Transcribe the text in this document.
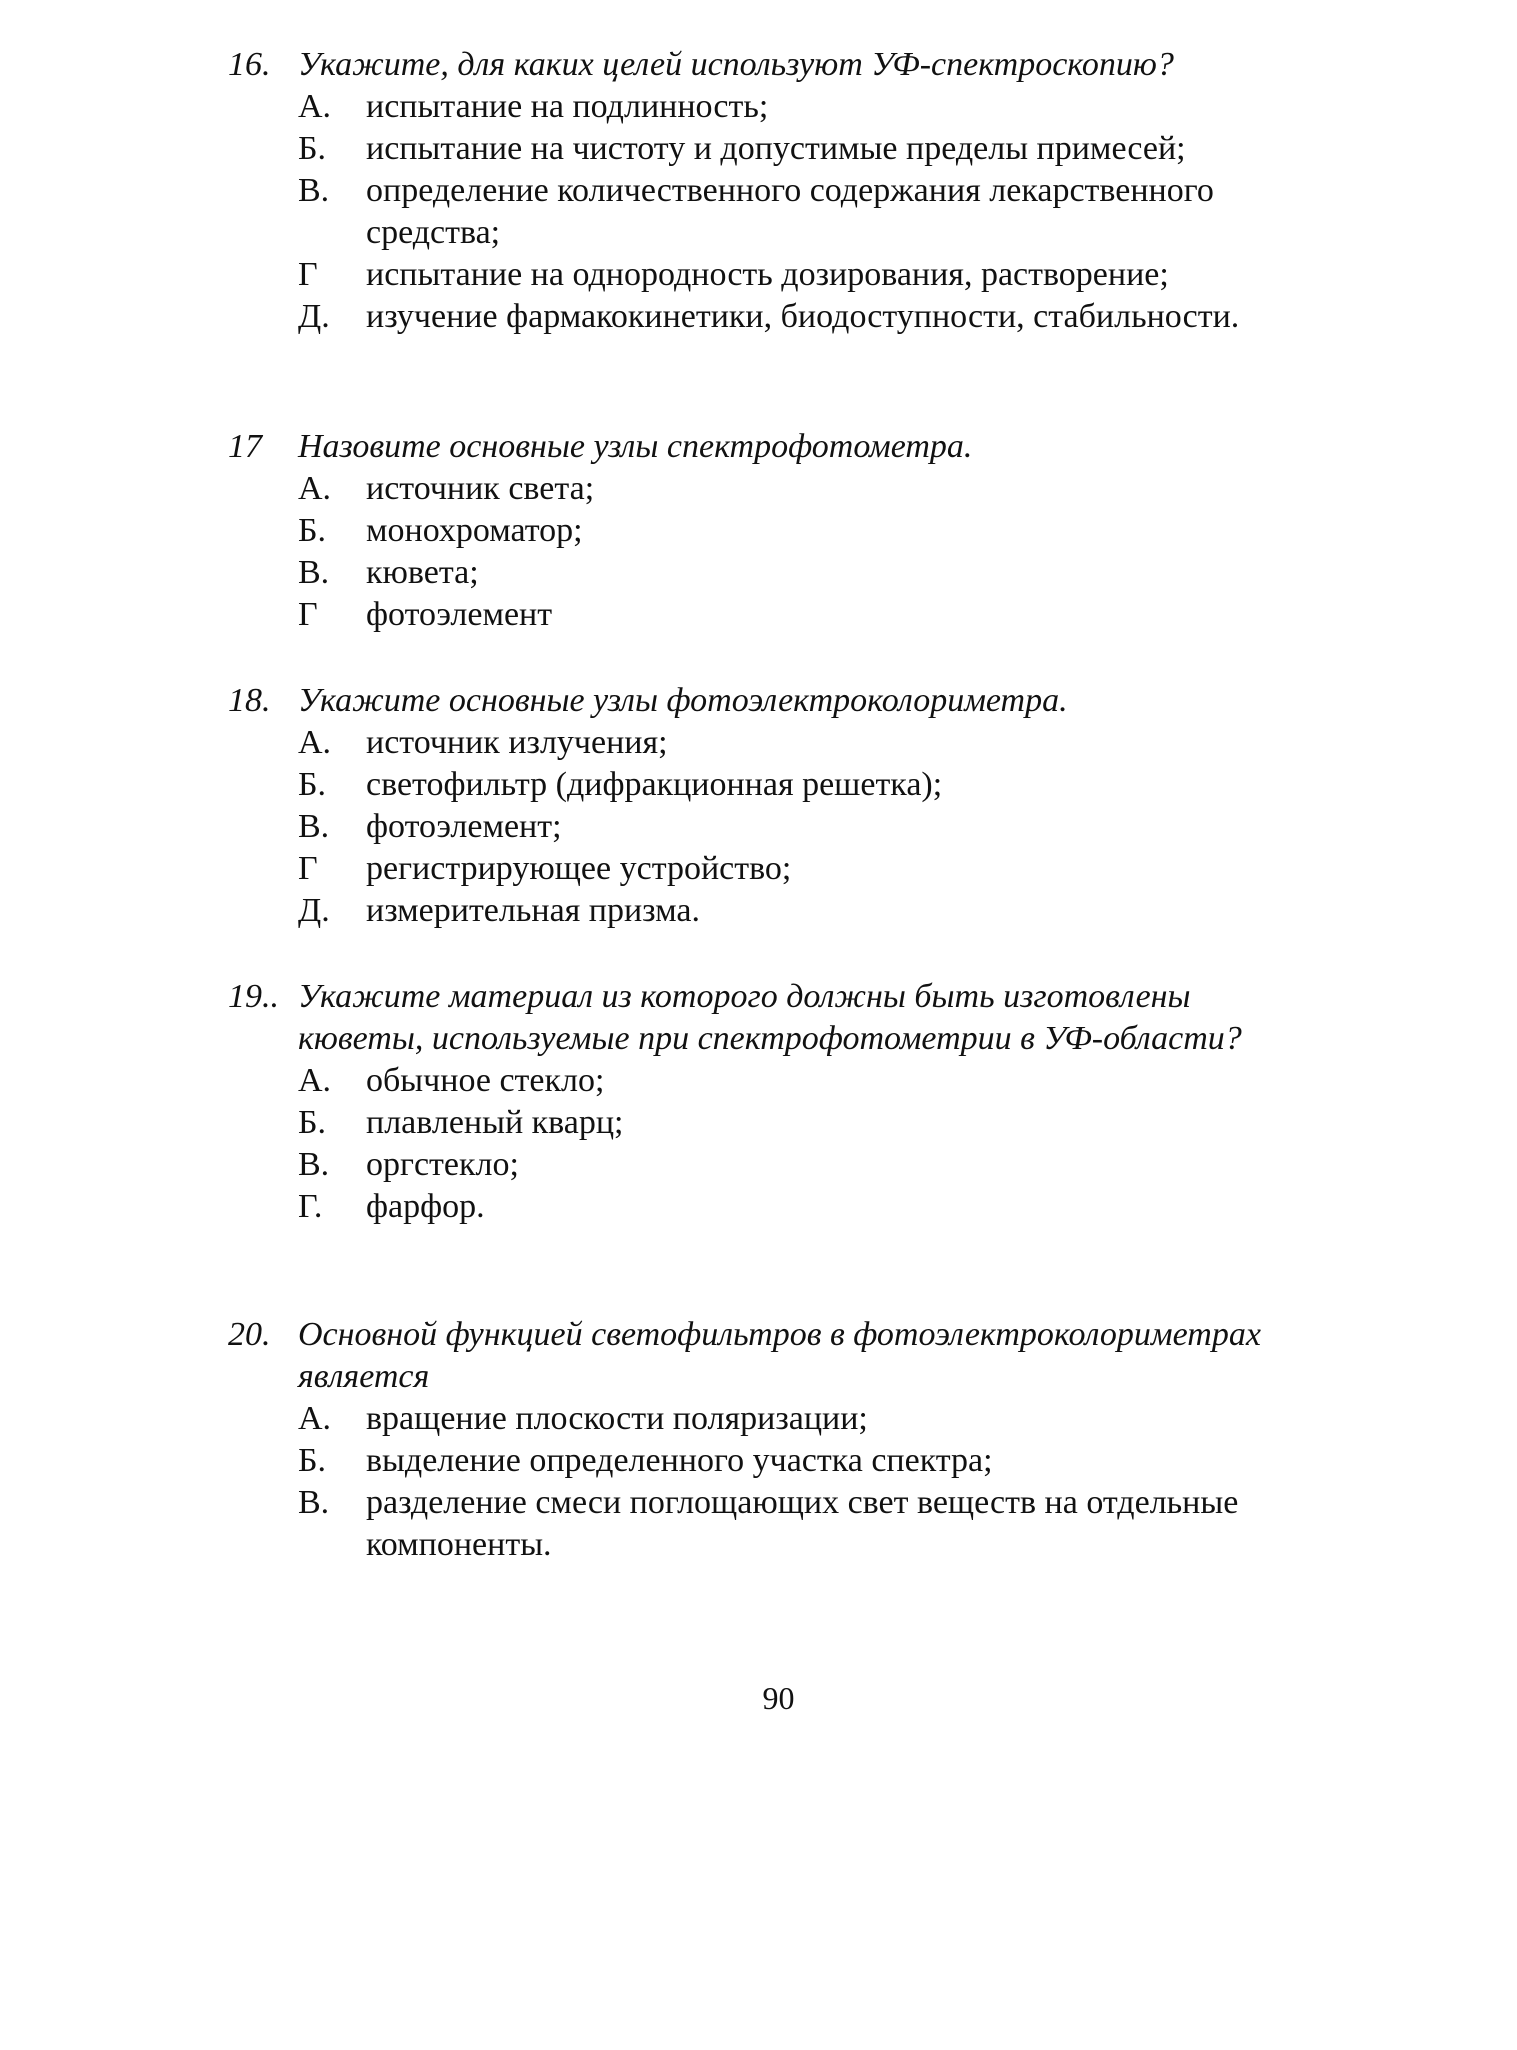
16. Укажите, для каких целей используют УФ-спектроскопию?
А.	испытание на подлинность;
Б.	испытание на чистоту и допустимые пределы примесей;
В.	определение количественного содержания лекарственного средства;
Г	испытание на однородность дозирования, растворение;
Д.	изучение фармакокинетики, биодоступности, стабильности.
17	Назовите основные узлы спектрофотометра.
А.	источник света;
Б.	монохроматор;
В.	кювета;
Г	фотоэлемент
18. Укажите основные узлы фотоэлектроколориметра.
А.	источник излучения;
Б.	светофильтр (дифракционная решетка);
В.	фотоэлемент;
Г	регистрирующее устройство;
Д.	измерительная призма.
19.. Укажите материал из которого должны быть изготовлены кюветы, используемые при спектрофотометрии в УФ-области?
А.	обычное стекло;
Б.	плавленый кварц;
В.	оргстекло;
Г.	фарфор.
20. Основной функцией светофильтров в фотоэлектроколориметрах является
А.	вращение плоскости поляризации;
Б.	выделение определенного участка спектра;
В.	разделение смеси поглощающих свет веществ на отдельные компоненты.
90
